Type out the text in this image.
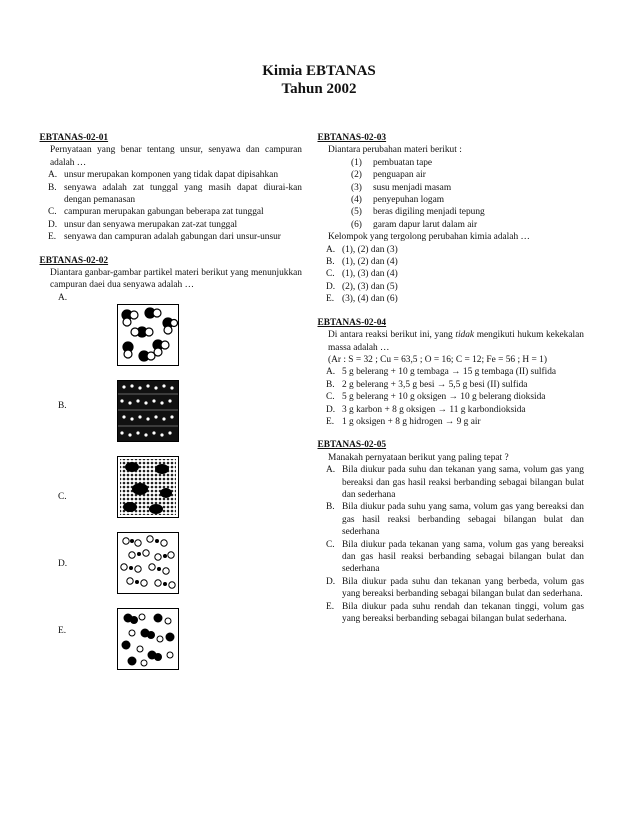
Kimia EBTANAS
Tahun 2002
EBTANAS-02-01
Pernyataan yang benar tentang unsur, senyawa dan campuran adalah …
A. unsur merupakan komponen yang tidak dapat dipisahkan
B. senyawa adalah zat tunggal yang masih dapat diurai-kan dengan pemanasan
C. campuran merupakan gabungan beberapa zat tunggal
D. unsur dan senyawa merupakan zat-zat tunggal
E. senyawa dan campuran adalah gabungan dari unsur-unsur
EBTANAS-02-02
Diantara ganbar-gambar partikel materi berikut yang menunjukkan campuran daei dua senyawa adalah …
A.
B.
C.
D.
E.
EBTANAS-02-03
Diantara perubahan materi berikut :
(1)	pembuatan tape
(2)	penguapan air
(3)	susu menjadi masam
(4)	penyepuhan logam
(5)	beras digiling menjadi tepung
(6)	garam dapur larut dalam air
Kelompok yang tergolong perubahan kimia adalah …
A. (1), (2) dan (3)
B. (1), (2) dan (4)
C. (1), (3) dan (4)
D. (2), (3) dan (5)
E. (3), (4) dan (6)
EBTANAS-02-04
Di antara reaksi berikut ini, yang tidak mengikuti hukum kekekalan massa adalah …
(Ar : S = 32 ; Cu = 63,5 ; O = 16; C = 12; Fe = 56 ; H = 1)
A. 5 g belerang + 10 g tembaga → 15 g tembaga (II) sulfida
B. 2 g belerang + 3,5 g besi → 5,5 g besi (II) sulfida
C. 5 g belerang + 10 g oksigen → 10 g belerang dioksida
D. 3 g karbon + 8 g oksigen → 11 g karbondioksida
E. 1 g oksigen + 8 g hidrogen → 9 g air
EBTANAS-02-05
Manakah pernyataan berikut yang paling tepat ?
A. Bila diukur pada suhu dan tekanan yang sama, volum gas yang bereaksi dan gas hasil reaksi berbanding sebagai bilangan bulat dan sederhana
B. Bila diukur pada suhu yang sama, volum gas yang bereaksi dan gas hasil reaksi berbanding sebagai bilangan bulat dan sederhana
C. Bila diukur pada tekanan yang sama, volum gas yang bereaksi dan gas hasil reaksi berbanding sebagai bilangan bulat dan sederhana
D. Bila diukur pada suhu dan tekanan yang berbeda, volum gas yang bereaksi berbanding sebagai bilangan bulat dan sederhana.
E. Bila diukur pada suhu rendah dan tekanan tinggi, volum gas yang bereaksi berbanding sebagai bilangan bulat sederhana.
